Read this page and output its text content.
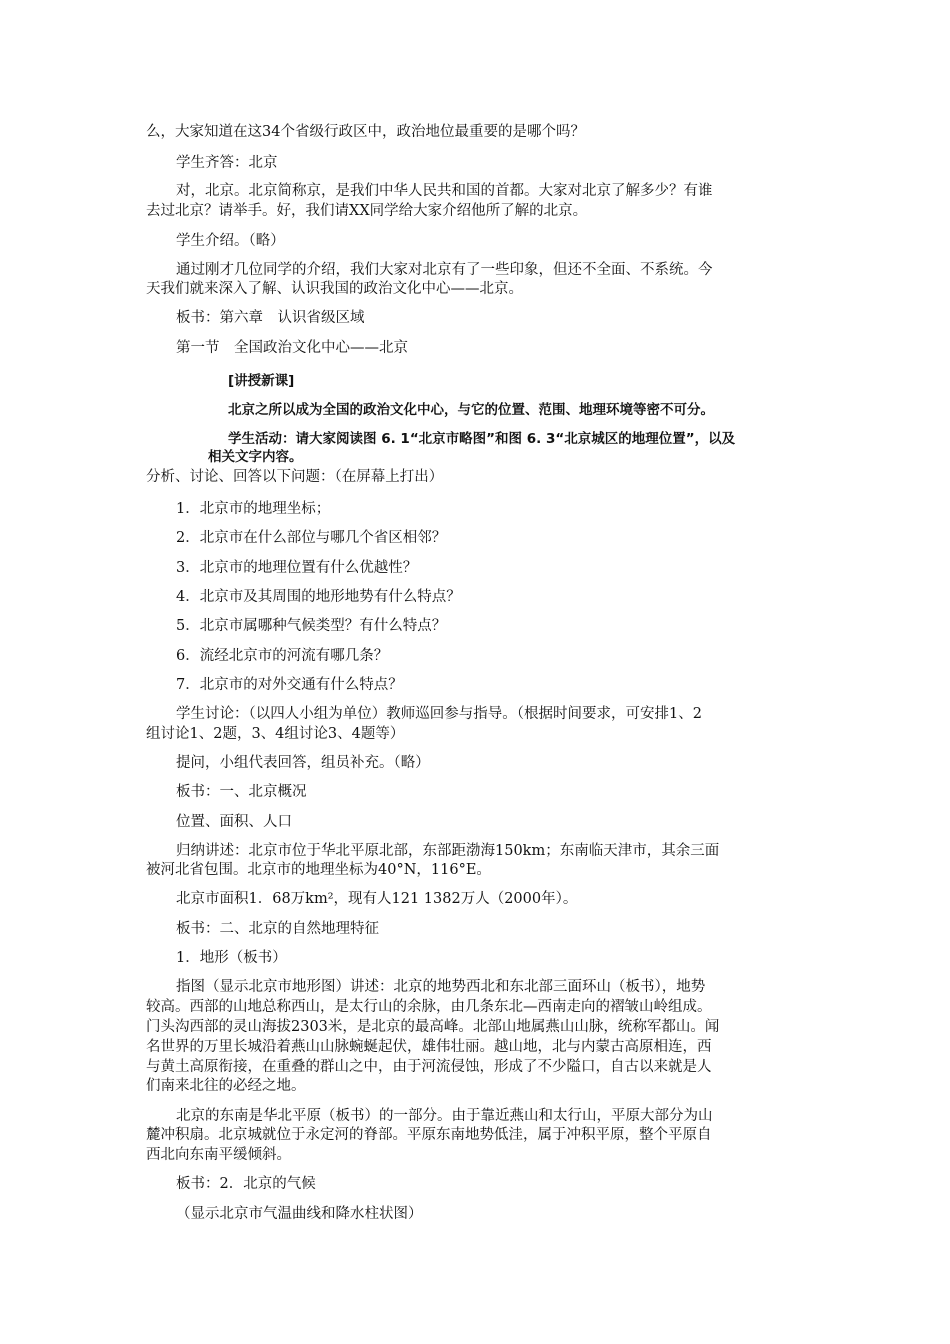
么，大家知道在这34个省级行政区中，政治地位最重要的是哪个吗？
学生齐答：北京
对，北京。北京简称京，是我们中华人民共和国的首都。大家对北京了解多少？有谁
去过北京？请举手。好，我们请XX同学给大家介绍他所了解的北京。
学生介绍。（略）
通过刚才几位同学的介绍，我们大家对北京有了一些印象，但还不全面、不系统。今
天我们就来深入了解、认识我国的政治文化中心——北京。
板书：第六章　认识省级区域
第一节　全国政治文化中心——北京
[讲授新课]
北京之所以成为全国的政治文化中心，与它的位置、范围、地理环境等密不可分。
学生活动：请大家阅读图 6. 1“北京市略图”和图 6. 3“北京城区的地理位置”，以及
相关文字内容。
分析、讨论、回答以下问题：（在屏幕上打出）
1．北京市的地理坐标；
2．北京市在什么部位与哪几个省区相邻？
3．北京市的地理位置有什么优越性？
4．北京市及其周围的地形地势有什么特点？
5．北京市属哪种气候类型？有什么特点？
6．流经北京市的河流有哪几条？
7．北京市的对外交通有什么特点？
学生讨论：（以四人小组为单位）教师巡回参与指导。（根据时间要求，可安排1、2
组讨论1、2题，3、4组讨论3、4题等）
提问，小组代表回答，组员补充。（略）
板书：一、北京概况
位置、面积、人口
归纳讲述：北京市位于华北平原北部，东部距渤海150km；东南临天津市，其余三面
被河北省包围。北京市的地理坐标为40°N，116°E。
北京市面积1．68万km²，现有人121 1382万人（2000年）。
板书：二、北京的自然地理特征
1．地形（板书）
指图（显示北京市地形图）讲述：北京的地势西北和东北部三面环山（板书），地势
较高。西部的山地总称西山，是太行山的余脉，由几条东北—西南走向的褶皱山岭组成。
门头沟西部的灵山海拔2303米，是北京的最高峰。北部山地属燕山山脉，统称军都山。闻
名世界的万里长城沿着燕山山脉蜿蜒起伏，雄伟壮丽。越山地，北与内蒙古高原相连，西
与黄土高原衔接，在重叠的群山之中，由于河流侵蚀，形成了不少隘口，自古以来就是人
们南来北往的必经之地。
北京的东南是华北平原（板书）的一部分。由于靠近燕山和太行山，平原大部分为山
麓冲积扇。北京城就位于永定河的脊部。平原东南地势低洼，属于冲积平原，整个平原自
西北向东南平缓倾斜。
板书：2．北京的气候
（显示北京市气温曲线和降水柱状图）
